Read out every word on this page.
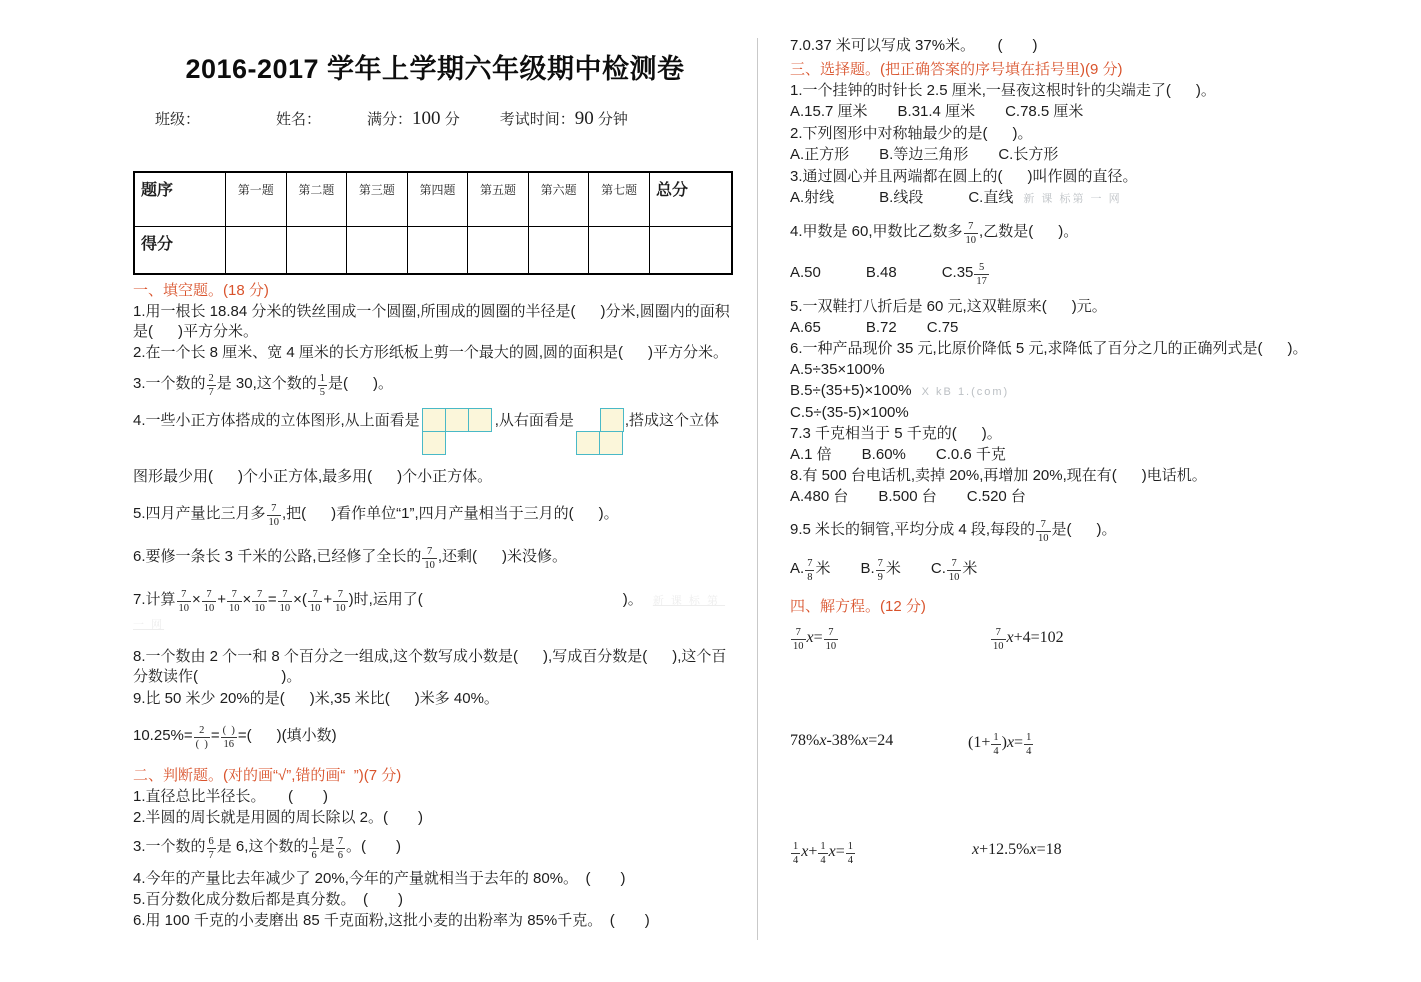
2016-2017 学年上学期六年级期中检测卷
班级：	姓名：	满分：100 分	考试时间：90 分钟
题序	第一题	第二题	第三题	第四题	第五题	第六题	第七题	总分
得分								

一、填空题。(18 分)

1.用一根长 18.84 分米的铁丝围成一个圆圈,所围成的圆圈的半径是(      )分米,圆圈内的面积是(      )平方分米。

2.在一个长 8 厘米、宽 4 厘米的长方形纸板上剪一个最大的圆,圆的面积是(      )平方分米。

3.一个数的 $\frac{2}{7}$ 是 30,这个数的 $\frac{1}{5}$ 是(      )。

4.一些小正方体搭成的立体图形,从上面看是	,从右面看是	,搭成这个立体

图形最少用(      )个小正方体,最多用(      )个小正方体。

5.四月产量比三月多 $\frac{7}{10}$ ,把(      )看作单位“1”,四月产量相当于三月的(      )。

6.要修一条长 3 千米的公路,已经修了全长的 $\frac{7}{10}$ ,还剩(      )米没修。

7.计算 $\frac{7}{10} \times \frac{7}{10} + \frac{7}{10} \times \frac{7}{10} = \frac{7}{10}$ ×( $\frac{7}{10} + \frac{7}{10}$ )时,运用了(                                                )。 新 课 标 第 一 网

8.一个数由 2 个一和 8 个百分之一组成,这个数写成小数是(      ),写成百分数是(      ),这个百分数读作(                    )。

9.比 50 米少 20%的是(      )米,35 米比(      )米多 40%。

$10.25\%= \frac{2}{( )} = \frac{( )}{16}$ =(      )(填小数)

二、判断题。(对的画“√”,错的画“  ”)(7 分)

1.直径总比半径长。　　(　　)

2.半圆的周长就是用圆的周长除以 2。(　　)

3.一个数的 $\frac{6}{7}$ 是 6,这个数的 $\frac{1}{6}$ 是 $\frac{7}{6}$ 。(　　)

4.今年的产量比去年减少了 20%,今年的产量就相当于去年的 80%。　(　　)

5.百分数化成分数后都是真分数。　(　　)

6.用 100 千克的小麦磨出 85 千克面粉,这批小麦的出粉率为 85%千克。　(　　)

7.0.37 米可以写成 37%米。　　(　　)

三、选择题。(把正确答案的序号填在括号里)(9 分)

1.一个挂钟的时针长 2.5 厘米,一昼夜这根时针的尖端走了(      )。

A.15.7 厘米　　B.31.4 厘米　　C.78.5 厘米

2.下列图形中对称轴最少的是(      )。

A.正方形　　B.等边三角形　　C.长方形

3.通过圆心并且两端都在圆上的(      )叫作圆的直径。

A.射线　　　B.线段　　　C.直线 新 课 标第 一 网

4.甲数是 60,甲数比乙数多 $\frac{7}{10}$ ,乙数是(      )。

A.50　　　B.48　　　$C.35 \frac{5}{17}$

5.一双鞋打八折后是 60 元,这双鞋原来(      )元。

A.65　　　B.72　　C.75

6.一种产品现价 35 元,比原价降低 5 元,求降低了百分之几的正确列式是(      )。

A.5÷35×100%

B.5÷(35+5)×100% X kB 1.(com)

C.5÷(35-5)×100%

7.3 千克相当于 5 千克的(      )。

A.1 倍　　B.60%　　C.0.6 千克

8.有 500 台电话机,卖掉 20%,再增加 20%,现在有(      )电话机。

A.480 台　　B.500 台　　C.520 台

9.5 米长的铜管,平均分成 4 段,每段的 $\frac{7}{10}$ 是(      )。

A. $\frac{7}{8}$ 米　　B. $\frac{7}{9}$ 米　　C. $\frac{7}{10}$ 米

四、解方程。(12 分)

$\frac{7}{10} x= \frac{7}{10}$	$\frac{7}{10} x+4=102$
78%x-38%x=24	$(1+ \frac{1}{4} )x= \frac{1}{4}$
$\frac{1}{4} x+ \frac{1}{4} x= \frac{1}{4}$	x+12.5%x=18
